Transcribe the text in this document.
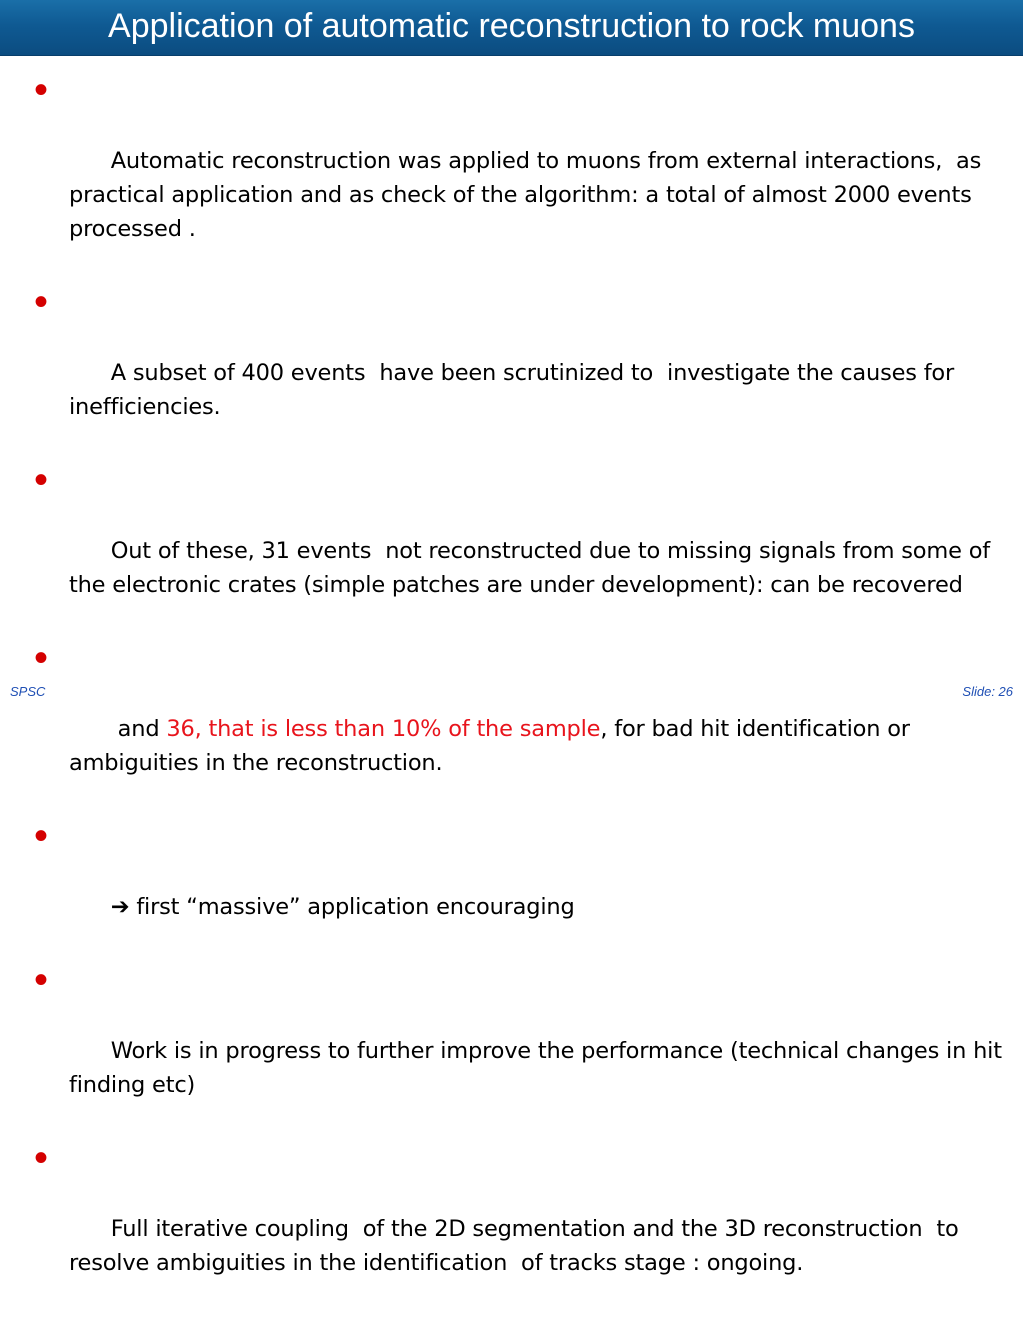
Application of automatic reconstruction to rock muons

•

Automatic reconstruction was applied to muons from external interactions,  as practical application and as check of the algorithm: a total of almost 2000 events processed .

•

A subset of 400 events  have been scrutinized to  investigate the causes for inefficiencies.

•

Out of these, 31 events  not reconstructed due to missing signals from some of the electronic crates (simple patches are under development): can be recovered

•

and 36, that is less than 10% of the sample, for bad hit identification or ambiguities in the reconstruction.

•

➔ first “massive” application encouraging

•

Work is in progress to further improve the performance (technical changes in hit finding etc)

•

Full iterative coupling  of the 2D segmentation and the 3D reconstruction  to resolve ambiguities in the identification  of tracks stage : ongoing.

SPSC	Slide: 26
